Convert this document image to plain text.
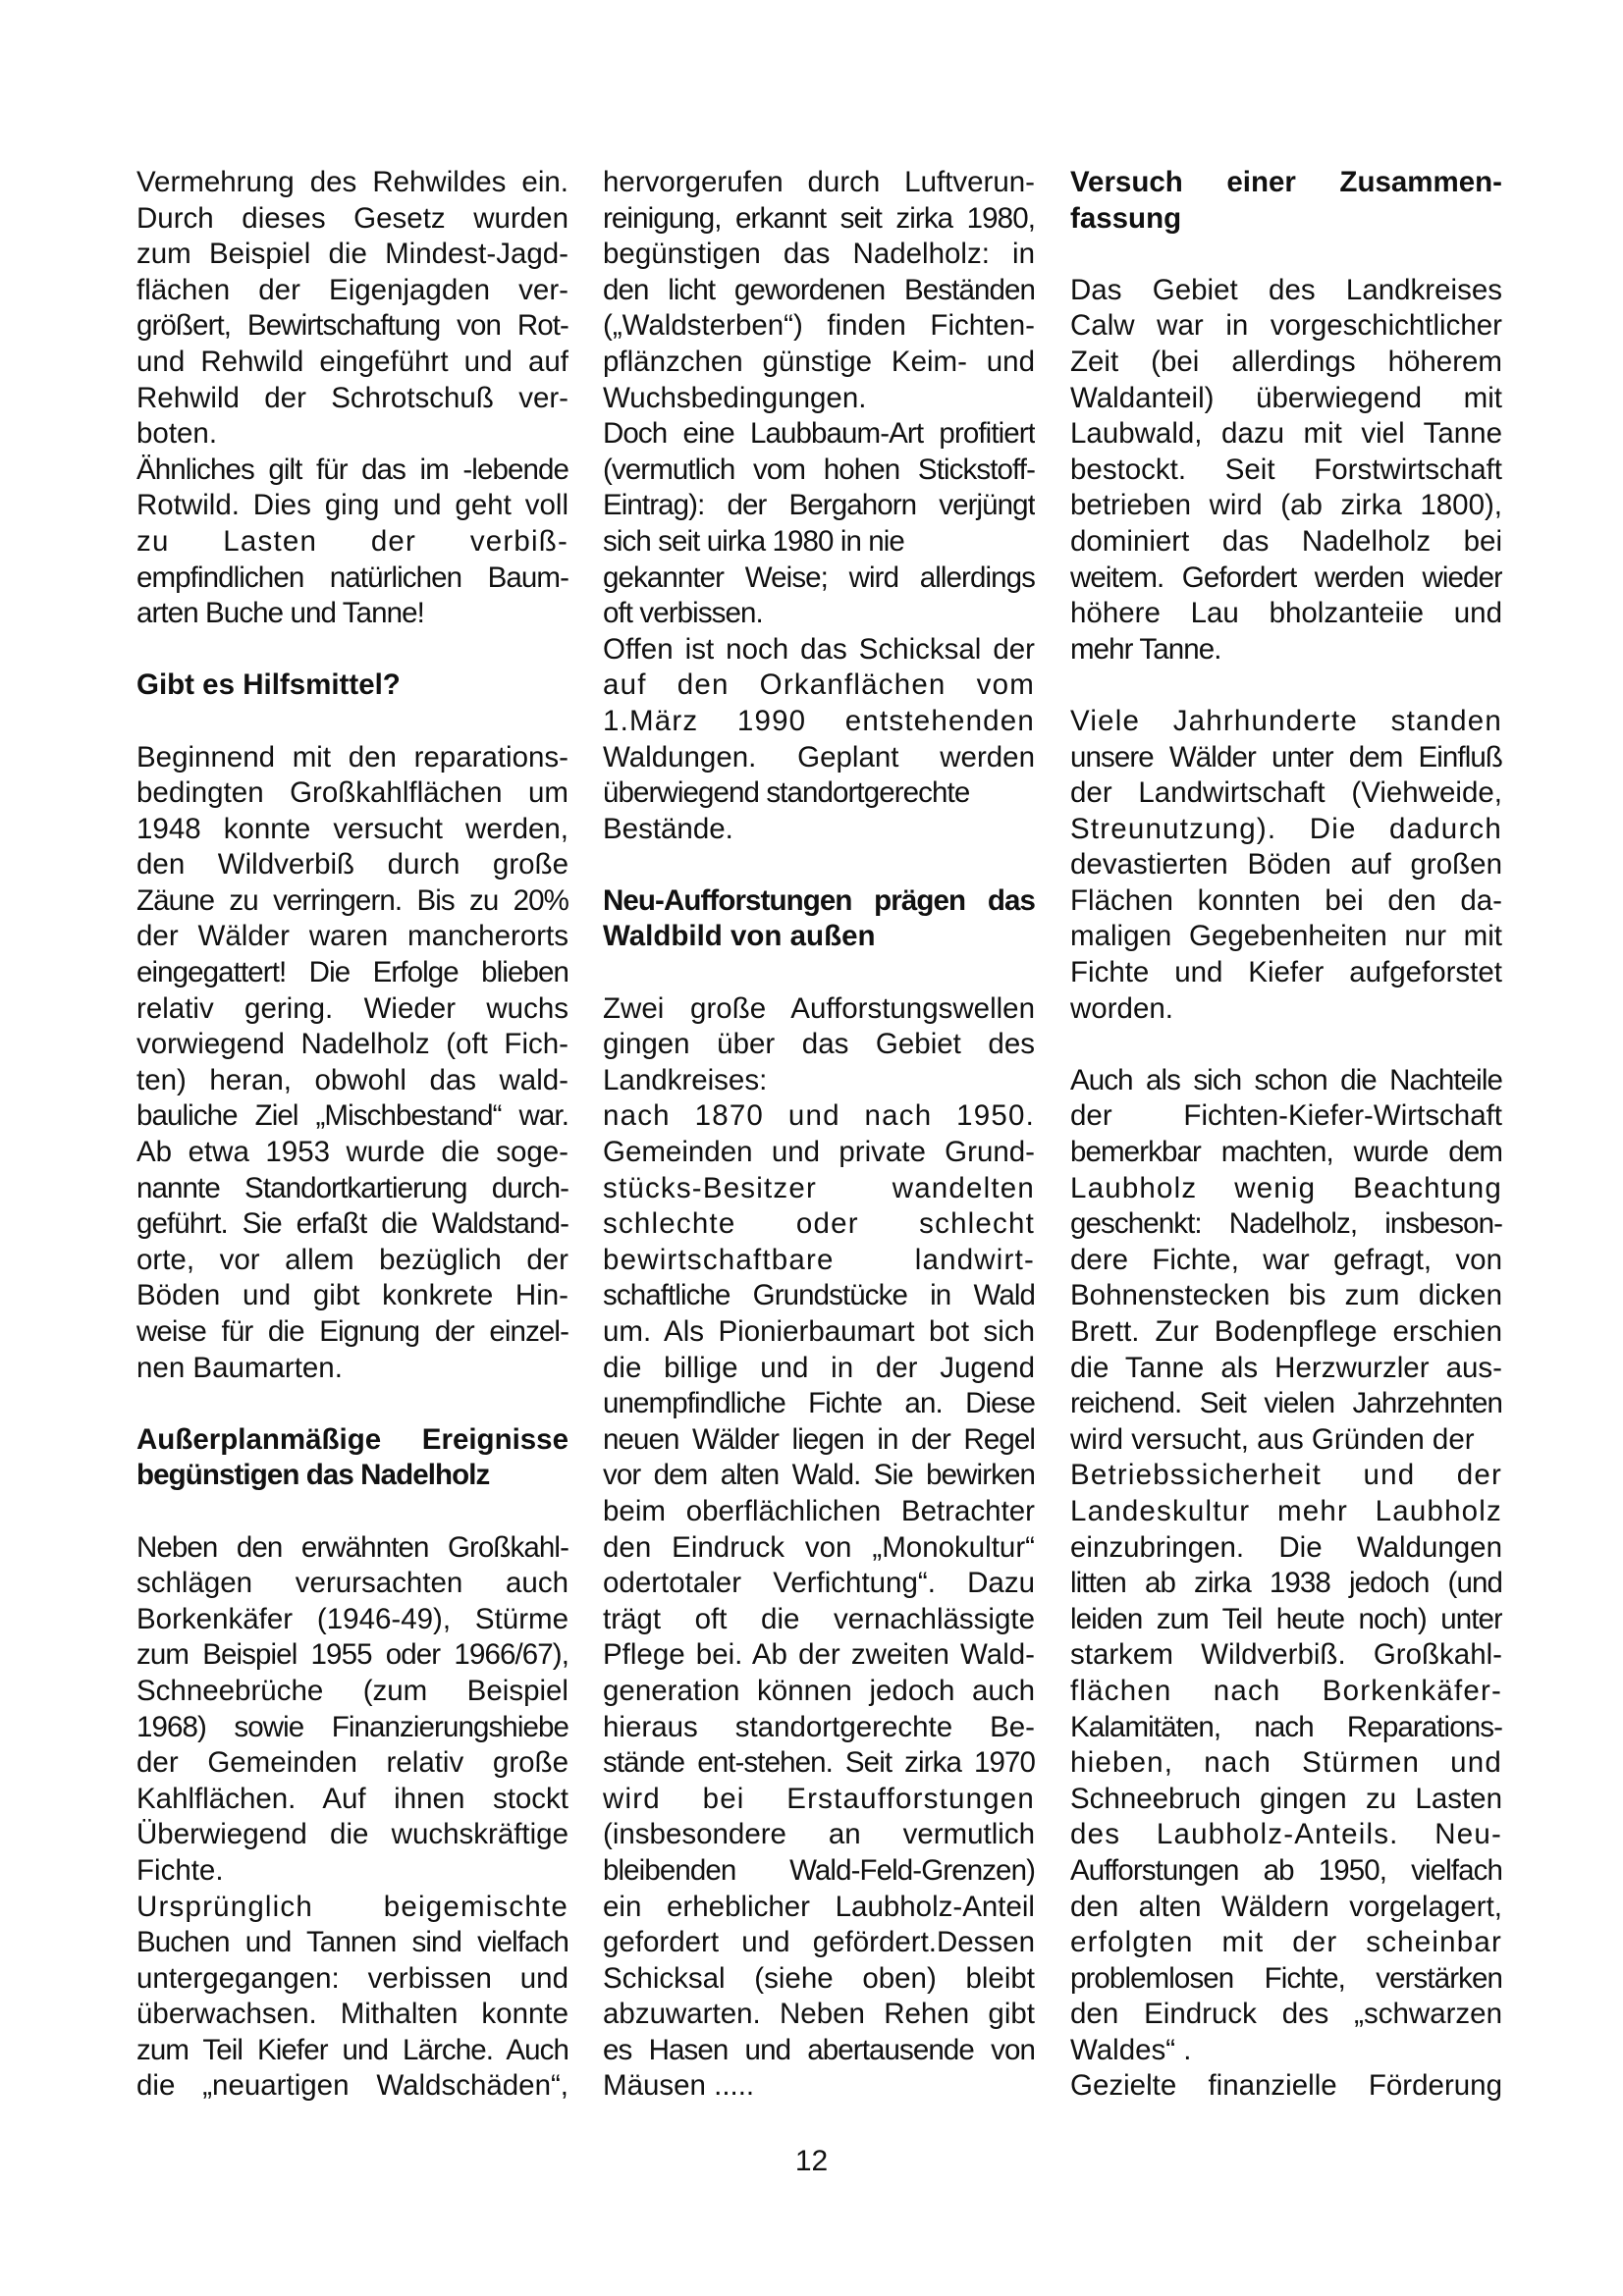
Vermehrung des Rehwildes ein.
Durch dieses Gesetz wurden
zum Beispiel die Mindest-Jagd-
flächen der Eigenjagden ver-
größert, Bewirtschaftung von Rot-
und Rehwild eingeführt und auf
Rehwild der Schrotschuß ver-
boten.
Ähnliches gilt für das im -lebende
Rotwild. Dies ging und geht voll
zu Lasten der verbiß-
empfindlichen natürlichen Baum-
arten Buche und Tanne!
Gibt es Hilfsmittel?
Beginnend mit den reparations-
bedingten Großkahlflächen um
1948 konnte versucht werden,
den Wildverbiß durch große
Zäune zu verringern. Bis zu 20%
der Wälder waren mancherorts
eingegattert! Die Erfolge blieben
relativ gering. Wieder wuchs
vorwiegend Nadelholz (oft Fich-
ten) heran, obwohl das wald-
bauliche Ziel „Mischbestand“ war.
Ab etwa 1953 wurde die soge-
nannte Standortkartierung durch-
geführt. Sie erfaßt die Waldstand-
orte, vor allem bezüglich der
Böden und gibt konkrete Hin-
weise für die Eignung der einzel-
nen Baumarten.
Außerplanmäßige Ereignisse
begünstigen das Nadelholz
Neben den erwähnten Großkahl-
schlägen verursachten auch
Borkenkäfer (1946-49), Stürme
zum Beispiel 1955 oder 1966/67),
Schneebrüche (zum Beispiel
1968) sowie Finanzierungshiebe
der Gemeinden relativ große
Kahlflächen. Auf ihnen stockt
Überwiegend die wuchskräftige
Fichte.
Ursprünglich beigemischte
Buchen und Tannen sind vielfach
untergegangen: verbissen und
überwachsen. Mithalten konnte
zum Teil Kiefer und Lärche. Auch
die „neuartigen Waldschäden“,
hervorgerufen durch Luftverun-
reinigung, erkannt seit zirka 1980,
begünstigen das Nadelholz: in
den licht gewordenen Beständen
(„Waldsterben“) finden Fichten-
pflänzchen günstige Keim- und
Wuchsbedingungen.
Doch eine Laubbaum-Art profitiert
(vermutlich vom hohen Stickstoff-
Eintrag): der Bergahorn verjüngt
sich seit uirka 1980 in nie
gekannter Weise; wird allerdings
oft verbissen.
Offen ist noch das Schicksal der
auf den Orkanflächen vom
1.März 1990 entstehenden
Waldungen. Geplant werden
überwiegend standortgerechte
Bestände.
Neu-Aufforstungen prägen das
Waldbild von außen
Zwei große Aufforstungswellen
gingen über das Gebiet des
Landkreises:
nach 1870 und nach 1950.
Gemeinden und private Grund-
stücks-Besitzer wandelten
schlechte oder schlecht
bewirtschaftbare landwirt-
schaftliche Grundstücke in Wald
um. Als Pionierbaumart bot sich
die billige und in der Jugend
unempfindliche Fichte an. Diese
neuen Wälder liegen in der Regel
vor dem alten Wald. Sie bewirken
beim oberflächlichen Betrachter
den Eindruck von „Monokultur“
odertotaler Verfichtung“. Dazu
trägt oft die vernachlässigte
Pflege bei. Ab der zweiten Wald-
generation können jedoch auch
hieraus standortgerechte Be-
stände ent-stehen. Seit zirka 1970
wird bei Erstaufforstungen
(insbesondere an vermutlich
bleibenden Wald-Feld-Grenzen)
ein erheblicher Laubholz-Anteil
gefordert und gefördert.Dessen
Schicksal (siehe oben) bleibt
abzuwarten. Neben Rehen gibt
es Hasen und abertausende von
Mäusen .....
Versuch einer Zusammen-
fassung
Das Gebiet des Landkreises
Calw war in vorgeschichtlicher
Zeit (bei allerdings höherem
Waldanteil) überwiegend mit
Laubwald, dazu mit viel Tanne
bestockt. Seit Forstwirtschaft
betrieben wird (ab zirka 1800),
dominiert das Nadelholz bei
weitem. Gefordert werden wieder
höhere Lau bholzanteiie und
mehr Tanne.
Viele Jahrhunderte standen
unsere Wälder unter dem Einfluß
der Landwirtschaft (Viehweide,
Streunutzung). Die dadurch
devastierten Böden auf großen
Flächen konnten bei den da-
maligen Gegebenheiten nur mit
Fichte und Kiefer aufgeforstet
worden.
Auch als sich schon die Nachteile
der Fichten-Kiefer-Wirtschaft
bemerkbar machten, wurde dem
Laubholz wenig Beachtung
geschenkt: Nadelholz, insbeson-
dere Fichte, war gefragt, von
Bohnenstecken bis zum dicken
Brett. Zur Bodenpflege erschien
die Tanne als Herzwurzler aus-
reichend. Seit vielen Jahrzehnten
wird versucht, aus Gründen der
Betriebssicherheit und der
Landeskultur mehr Laubholz
einzubringen. Die Waldungen
litten ab zirka 1938 jedoch (und
leiden zum Teil heute noch) unter
starkem Wildverbiß. Großkahl-
flächen nach Borkenkäfer-
Kalamitäten, nach Reparations-
hieben, nach Stürmen und
Schneebruch gingen zu Lasten
des Laubholz-Anteils. Neu-
Aufforstungen ab 1950, vielfach
den alten Wäldern vorgelagert,
erfolgten mit der scheinbar
problemlosen Fichte, verstärken
den Eindruck des „schwarzen
Waldes“ .
Gezielte finanzielle Förderung
12
